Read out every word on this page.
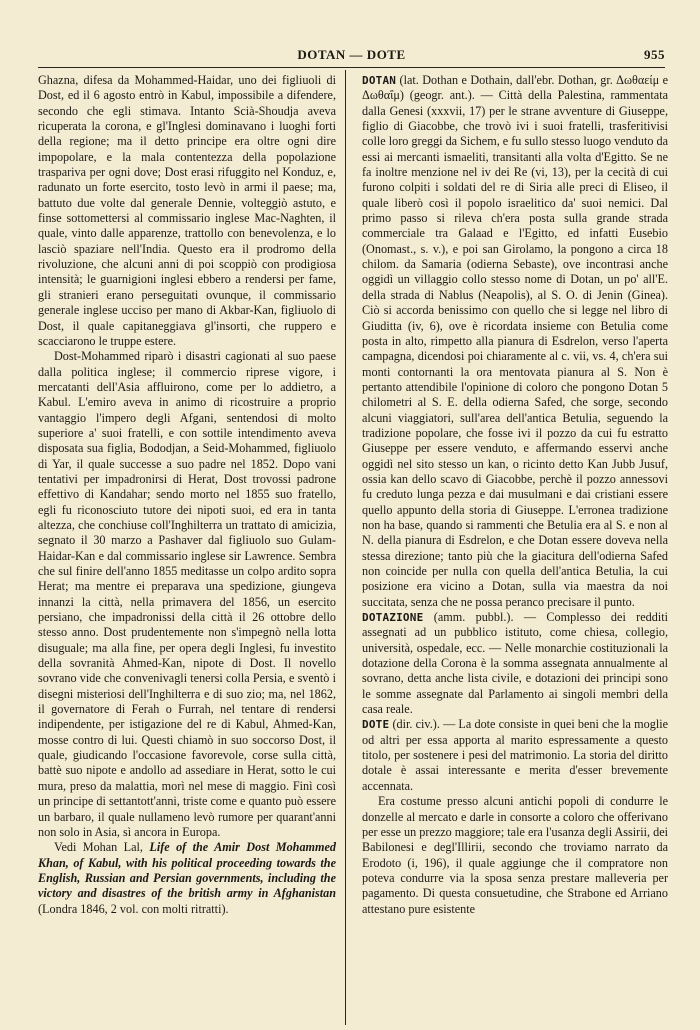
DOTAN — DOTE	955

Ghazna, difesa da Mohammed-Haidar, uno dei figliuoli di Dost, ed il 6 agosto entrò in Kabul, impossibile a difendere, secondo che egli stimava. Intanto Scià-Shoudja aveva ricuperata la corona, e gl'Inglesi dominavano i luoghi forti della regione; ma il detto principe era oltre ogni dire impopolare, e la mala contentezza della popolazione traspariva per ogni dove; Dost erasi rifuggito nel Konduz, e, radunato un forte esercito, tosto levò in armi il paese; ma, battuto due volte dal generale Dennie, volteggiò astuto, e finse sottomettersi al commissario inglese Mac-Naghten, il quale, vinto dalle apparenze, trattollo con benevolenza, e lo lasciò spaziare nell'India. Questo era il prodromo della rivoluzione, che alcuni anni di poi scoppiò con prodigiosa intensità; le guarnigioni inglesi ebbero a rendersi per fame, gli stranieri erano perseguitati ovunque, il commissario generale inglese ucciso per mano di Akbar-Kan, figliuolo di Dost, il quale capitaneggiava gl'insorti, che ruppero e scacciarono le truppe estere.

Dost-Mohammed riparò i disastri cagionati al suo paese dalla politica inglese; il commercio riprese vigore, i mercatanti dell'Asia affluirono, come per lo addietro, a Kabul. L'emiro aveva in animo di ricostruire a proprio vantaggio l'impero degli Afgani, sentendosi di molto superiore a' suoi fratelli, e con sottile intendimento aveva disposata sua figlia, Bododjan, a Seid-Mohammed, figliuolo di Yar, il quale successe a suo padre nel 1852. Dopo vani tentativi per impadronirsi di Herat, Dost trovossi padrone effettivo di Kandahar; sendo morto nel 1855 suo fratello, egli fu riconosciuto tutore dei nipoti suoi, ed era in tanta altezza, che conchiuse coll'Inghilterra un trattato di amicizia, segnato il 30 marzo a Pashaver dal figliuolo suo Gulam-Haidar-Kan e dal commissario inglese sir Lawrence. Sembra che sul finire dell'anno 1855 meditasse un colpo ardito sopra Herat; ma mentre ei preparava una spedizione, giungeva innanzi la città, nella primavera del 1856, un esercito persiano, che impadronissi della città il 26 ottobre dello stesso anno. Dost prudentemente non s'impegnò nella lotta disuguale; ma alla fine, per opera degli Inglesi, fu investito della sovranità Ahmed-Kan, nipote di Dost. Il novello sovrano vide che convenivagli tenersi colla Persia, e sventò i disegni misteriosi dell'Inghilterra e di suo zio; ma, nel 1862, il governatore di Ferah o Furrah, nel tentare di rendersi indipendente, per istigazione del re di Kabul, Ahmed-Kan, mosse contro di lui. Questi chiamò in suo soccorso Dost, il quale, giudicando l'occasione favorevole, corse sulla città, battè suo nipote e andollo ad assediare in Herat, sotto le cui mura, preso da malattia, morì nel mese di maggio. Finì così un principe di settantott'anni, triste come e quanto può essere un barbaro, il quale nullameno levò rumore per quarant'anni non solo in Asia, sì ancora in Europa.

Vedi Mohan Lal, Life of the Amir Dost Mohammed Khan, of Kabul, with his political proceeding towards the English, Russian and Persian governments, including the victory and disastres of the british army in Afghanistan (Londra 1846, 2 vol. con molti ritratti).

DOTAN (lat. Dothan e Dothain, dall'ebr. Dothan, gr. Δωθαείμ e Δωθαΐμ) (geogr. ant.). — Città della Palestina, rammentata dalla Genesi (xxxvii, 17) per le strane avventure di Giuseppe, figlio di Giacobbe, che trovò ivi i suoi fratelli, trasferitivisi colle loro greggi da Sichem, e fu sullo stesso luogo venduto da essi ai mercanti ismaeliti, transitanti alla volta d'Egitto. Se ne fa inoltre menzione nel iv dei Re (vi, 13), per la cecità di cui furono colpiti i soldati del re di Siria alle preci di Eliseo, il quale liberò così il popolo israelitico da' suoi nemici. Dal primo passo si rileva ch'era posta sulla grande strada commerciale tra Galaad e l'Egitto, ed infatti Eusebio (Onomast., s. v.), e poi san Girolamo, la pongono a circa 18 chilom. da Samaria (odierna Sebaste), ove incontrasi anche oggidì un villaggio collo stesso nome di Dotan, un po' all'E. della strada di Nablus (Neapolis), al S. O. di Jenin (Ginea). Ciò si accorda benissimo con quello che si legge nel libro di Giuditta (iv, 6), ove è ricordata insieme con Betulia come posta in alto, rimpetto alla pianura di Esdrelon, verso l'aperta campagna, dicendosi poi chiaramente al c. vii, vs. 4, ch'era sui monti contornanti la ora mentovata pianura al S. Non è pertanto attendibile l'opinione di coloro che pongono Dotan 5 chilometri al S. E. della odierna Safed, che sorge, secondo alcuni viaggiatori, sull'area dell'antica Betulia, seguendo la tradizione popolare, che fosse ivi il pozzo da cui fu estratto Giuseppe per essere venduto, e affermando esservi anche oggidì nel sito stesso un kan, o ricinto detto Kan Jubb Jusuf, ossia kan dello scavo di Giacobbe, perchè il pozzo annessovi fu creduto lunga pezza e dai musulmani e dai cristiani essere quello appunto della storia di Giuseppe. L'erronea tradizione non ha base, quando si rammenti che Betulia era al S. e non al N. della pianura di Esdrelon, e che Dotan essere doveva nella stessa direzione; tanto più che la giacitura dell'odierna Safed non coincide per nulla con quella dell'antica Betulia, la cui posizione era vicino a Dotan, sulla via maestra da noi succitata, senza che ne possa peranco precisare il punto.

DOTAZIONE (amm. pubbl.). — Complesso dei redditi assegnati ad un pubblico istituto, come chiesa, collegio, università, ospedale, ecc. — Nelle monarchie costituzionali la dotazione della Corona è la somma assegnata annualmente al sovrano, detta anche lista civile, e dotazioni dei principi sono le somme assegnate dal Parlamento ai singoli membri della casa reale.

DOTE (dir. civ.). — La dote consiste in quei beni che la moglie od altri per essa apporta al marito espressamente a questo titolo, per sostenere i pesi del matrimonio. La storia del diritto dotale è assai interessante e merita d'esser brevemente accennata.

Era costume presso alcuni antichi popoli di condurre le donzelle al mercato e darle in consorte a coloro che offerivano per esse un prezzo maggiore; tale era l'usanza degli Assirii, dei Babilonesi e degl'Illirii, secondo che troviamo narrato da Erodoto (i, 196), il quale aggiunge che il compratore non poteva condurre via la sposa senza prestare malleveria per pagamento. Di questa consuetudine, che Strabone ed Arriano attestano pure esistente
